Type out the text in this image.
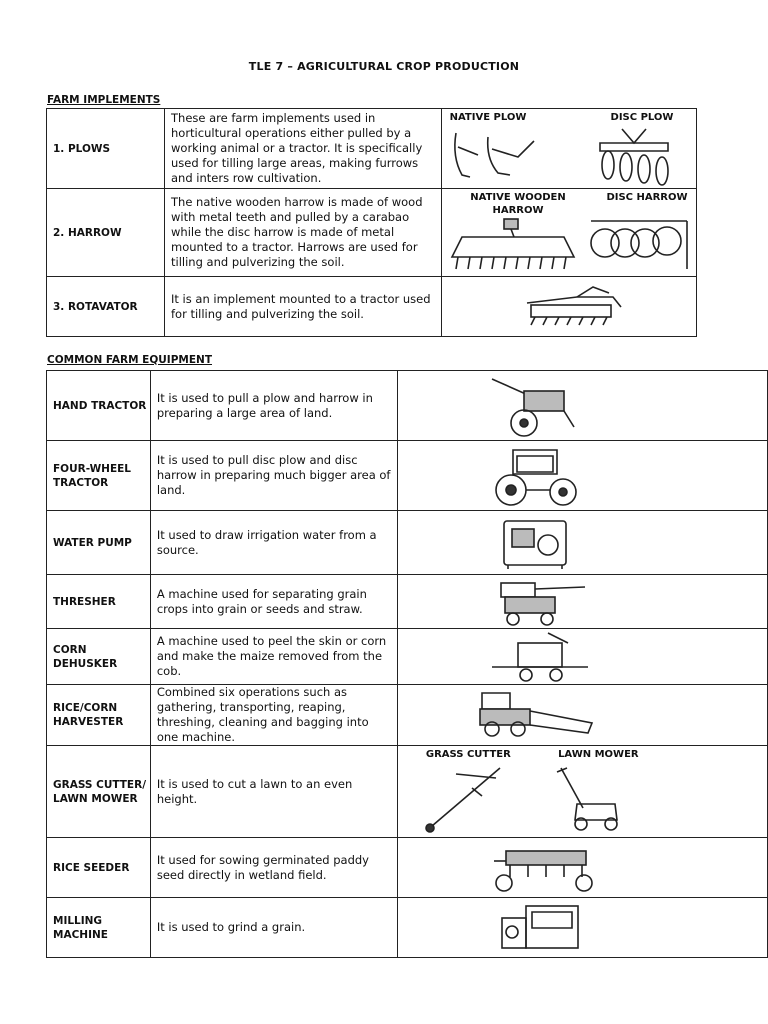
TLE 7 – AGRICULTURAL CROP PRODUCTION
FARM IMPLEMENTS
1. PLOWS	These are farm implements used in horticultural operations either pulled by a working animal or a tractor. It is specifically used for tilling large areas, making furrows and inters row cultivation.	NATIVE PLOW DISC PLOW

2. HARROW	The native wooden harrow is made of wood with metal teeth and pulled by a carabao while the disc harrow is made of metal mounted to a tractor. Harrows are used for tilling and pulverizing the soil.	NATIVE WOODEN HARROW
DISC HARROW

3. ROTAVATOR	It is an implement mounted to a tractor used for tilling and pulverizing the soil.	
COMMON FARM EQUIPMENT
HAND TRACTOR	It is used to pull a plow and harrow in preparing a large area of land.	

FOUR-WHEEL TRACTOR	It is used to pull disc plow and disc harrow in preparing much bigger area of land.	

WATER PUMP	It used to draw irrigation water from a source.	

THRESHER	A machine used for separating grain crops into grain or seeds and straw.	

CORN DEHUSKER	A machine used to peel the skin or corn and make the maize removed from the cob.	

RICE/CORN HARVESTER	Combined six operations such as gathering, transporting, reaping, threshing, cleaning and bagging into one machine.	

GRASS CUTTER/ LAWN MOWER	It is used to cut a lawn to an even height.	GRASS CUTTER LAWN MOWER

RICE SEEDER	It used for sowing germinated paddy seed directly in wetland field.	

MILLING MACHINE	It is used to grind a grain.	
